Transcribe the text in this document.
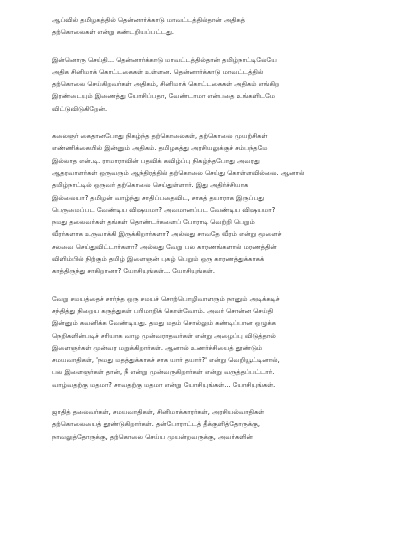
ஆப்வில் தமிழகத்தில் தென்னார்க்காடு மாவட்டத்தில்தான் அதிகத்
தற்கொலைகள் என்று கண்டறியப்பட்டது.
இன்னொரு செய்தி... தென்னார்க்காடு மாவட்டத்தில்தான் தமிழ்நாட்டிலேயே
அதிக சினிமாக் கொட்டகைகள் உள்ளன. தென்னார்க்காடு மாவட்டத்தில்
தற்கொலை செய்கிறவர்கள் அதிகம், சினிமாக் கொட்டகைகள் அதிகம் எங்கிற
இரண்டையும் இணைத்து யோசிப்பதா, வேண்டாமா என்பதை உங்களிடமே
விட்டுவிடுகிறேன்.
கலைஞர் கைதானபோது நிகழ்ந்த தற்கொலைகள், தற்கொலை முயற்சிகள்
எண்ணிக்கையில் இன்னும் அதிகம். தமிழகத்து அரசியலுக்குச் சம்பந்தமே
இல்லாத என்.டி. ராமாராவின் பதவிக் கவிழ்ப்பு நிகழ்ந்தபோது அவரது
ஆதரவாளர்கள் ஒருவரும் ஆந்திரத்தில் தற்கொலை செய்து கொள்ளவில்லை. ஆனால்
தமிழ்நாட்டில் ஒருவர் தற்கொலை செய்துள்ளார். இது அதிர்ச்சியாக
இல்லையா? தமிழன் வாழ்ந்து சாதிப்பதைவிட, சாகத் தயாராக இருப்பது
பெருமைப்பட வேண்டிய விஷயமா? அவமானப்பட வேண்டிய விஷயமா?
நமது தலைவர்கள் தங்கள் தொண்டர்களைப் போராடி வெற்றி பெறும்
வீரர்களாக உருவாக்கி இருக்கிறார்களா? அல்லது சாவதே வீரம் என்று மூளைச்
சலவை செய்துவிட்டார்களா? அல்லது வேறு பல காரணங்களால் மரணத்தின்
விளிம்பில் நிற்கும் தமிழ் இளைஞன் புகழ் பெறும் ஒரு காரணத்துக்காகக்
காத்திருந்து சாகிறானா? யோசியுங்கள்... யோசியுங்கள்.
வேறு சமயத்தைச் சார்ந்த ஒரு சமயச் சொற்பொழிவாளரும் நானும் அடிக்கடிச்
சந்தித்து நிறைய கருத்துகள் பரிமாறிக் கொள்வோம். அவர் சொன்ன செய்தி
இன்னும் கவனிக்க வேண்டியது. தமது மதம் சொல்லும் கண்டிப்பான ஒழுக்க
நெறிகளின்படிச் சரியாக வாழ முன்வராதவர்கள் என்று அழைப்பு விடுத்தால்
இளைஞர்கள் முன்வர மறுக்கிறார்கள். ஆனால் உணர்ச்சியைத் தூண்டும்
சமயவாதிகள், 'நமது மதத்துக்காகச் சாக யார் தயார்?' என்று வெறியூட்டினால்,
பல இளைஞர்கள் தான், நீ என்று முன்வருகிறார்கள் என்று வருத்தப்பட்டார்.
வாழ்வதற்கு மதமா? சாவதற்கு மதமா என்று யோசியுங்கள்... யோசியுங்கள்.
ஜாதித் தலைவர்கள், சமயவாதிகள், சினிமாக்காரர்கள், அரசியல்வாதிகள்
தற்கொலையைத் தூண்டுகிறார்கள். தன்போராட்டத் தீக்குளித்தோருக்கு,
நாவலுத்தோருக்கு, தற்கொலை செய்ய முயன்றவருக்கு, அவர்களின்
